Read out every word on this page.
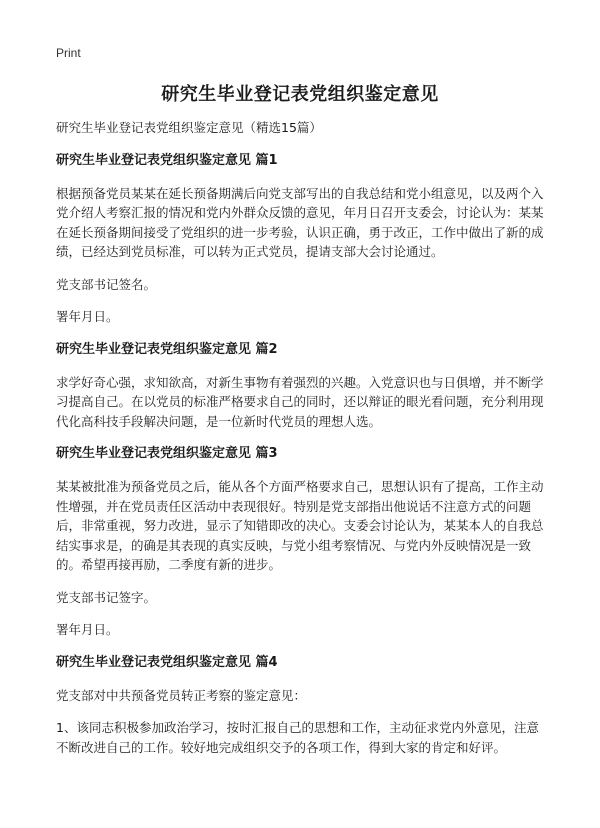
Print
研究生毕业登记表党组织鉴定意见

研究生毕业登记表党组织鉴定意见（精选15篇）

研究生毕业登记表党组织鉴定意见 篇1

根据预备党员某某在延长预备期满后向党支部写出的自我总结和党小组意见，以及两个入党介绍人考察汇报的情况和党内外群众反馈的意见，年月日召开支委会，讨论认为：某某在延长预备期间接受了党组织的进一步考验，认识正确，勇于改正，工作中做出了新的成绩，已经达到党员标准，可以转为正式党员，提请支部大会讨论通过。

党支部书记签名。

署年月日。

研究生毕业登记表党组织鉴定意见 篇2

求学好奇心强，求知欲高，对新生事物有着强烈的兴趣。入党意识也与日俱增，并不断学习提高自己。在以党员的标准严格要求自己的同时，还以辩证的眼光看问题，充分利用现代化高科技手段解决问题，是一位新时代党员的理想人选。

研究生毕业登记表党组织鉴定意见 篇3

某某被批准为预备党员之后，能从各个方面严格要求自己，思想认识有了提高，工作主动性增强，并在党员责任区活动中表现很好。特别是党支部指出他说话不注意方式的问题后，非常重视，努力改进，显示了知错即改的决心。支委会讨论认为，某某本人的自我总结实事求是，的确是其表现的真实反映，与党小组考察情况、与党内外反映情况是一致的。希望再接再励，二季度有新的进步。

党支部书记签字。

署年月日。

研究生毕业登记表党组织鉴定意见 篇4

党支部对中共预备党员转正考察的鉴定意见：

1、该同志积极参加政治学习，按时汇报自己的思想和工作，主动征求党内外意见，注意不断改进自己的工作。较好地完成组织交予的各项工作，得到大家的肯定和好评。
